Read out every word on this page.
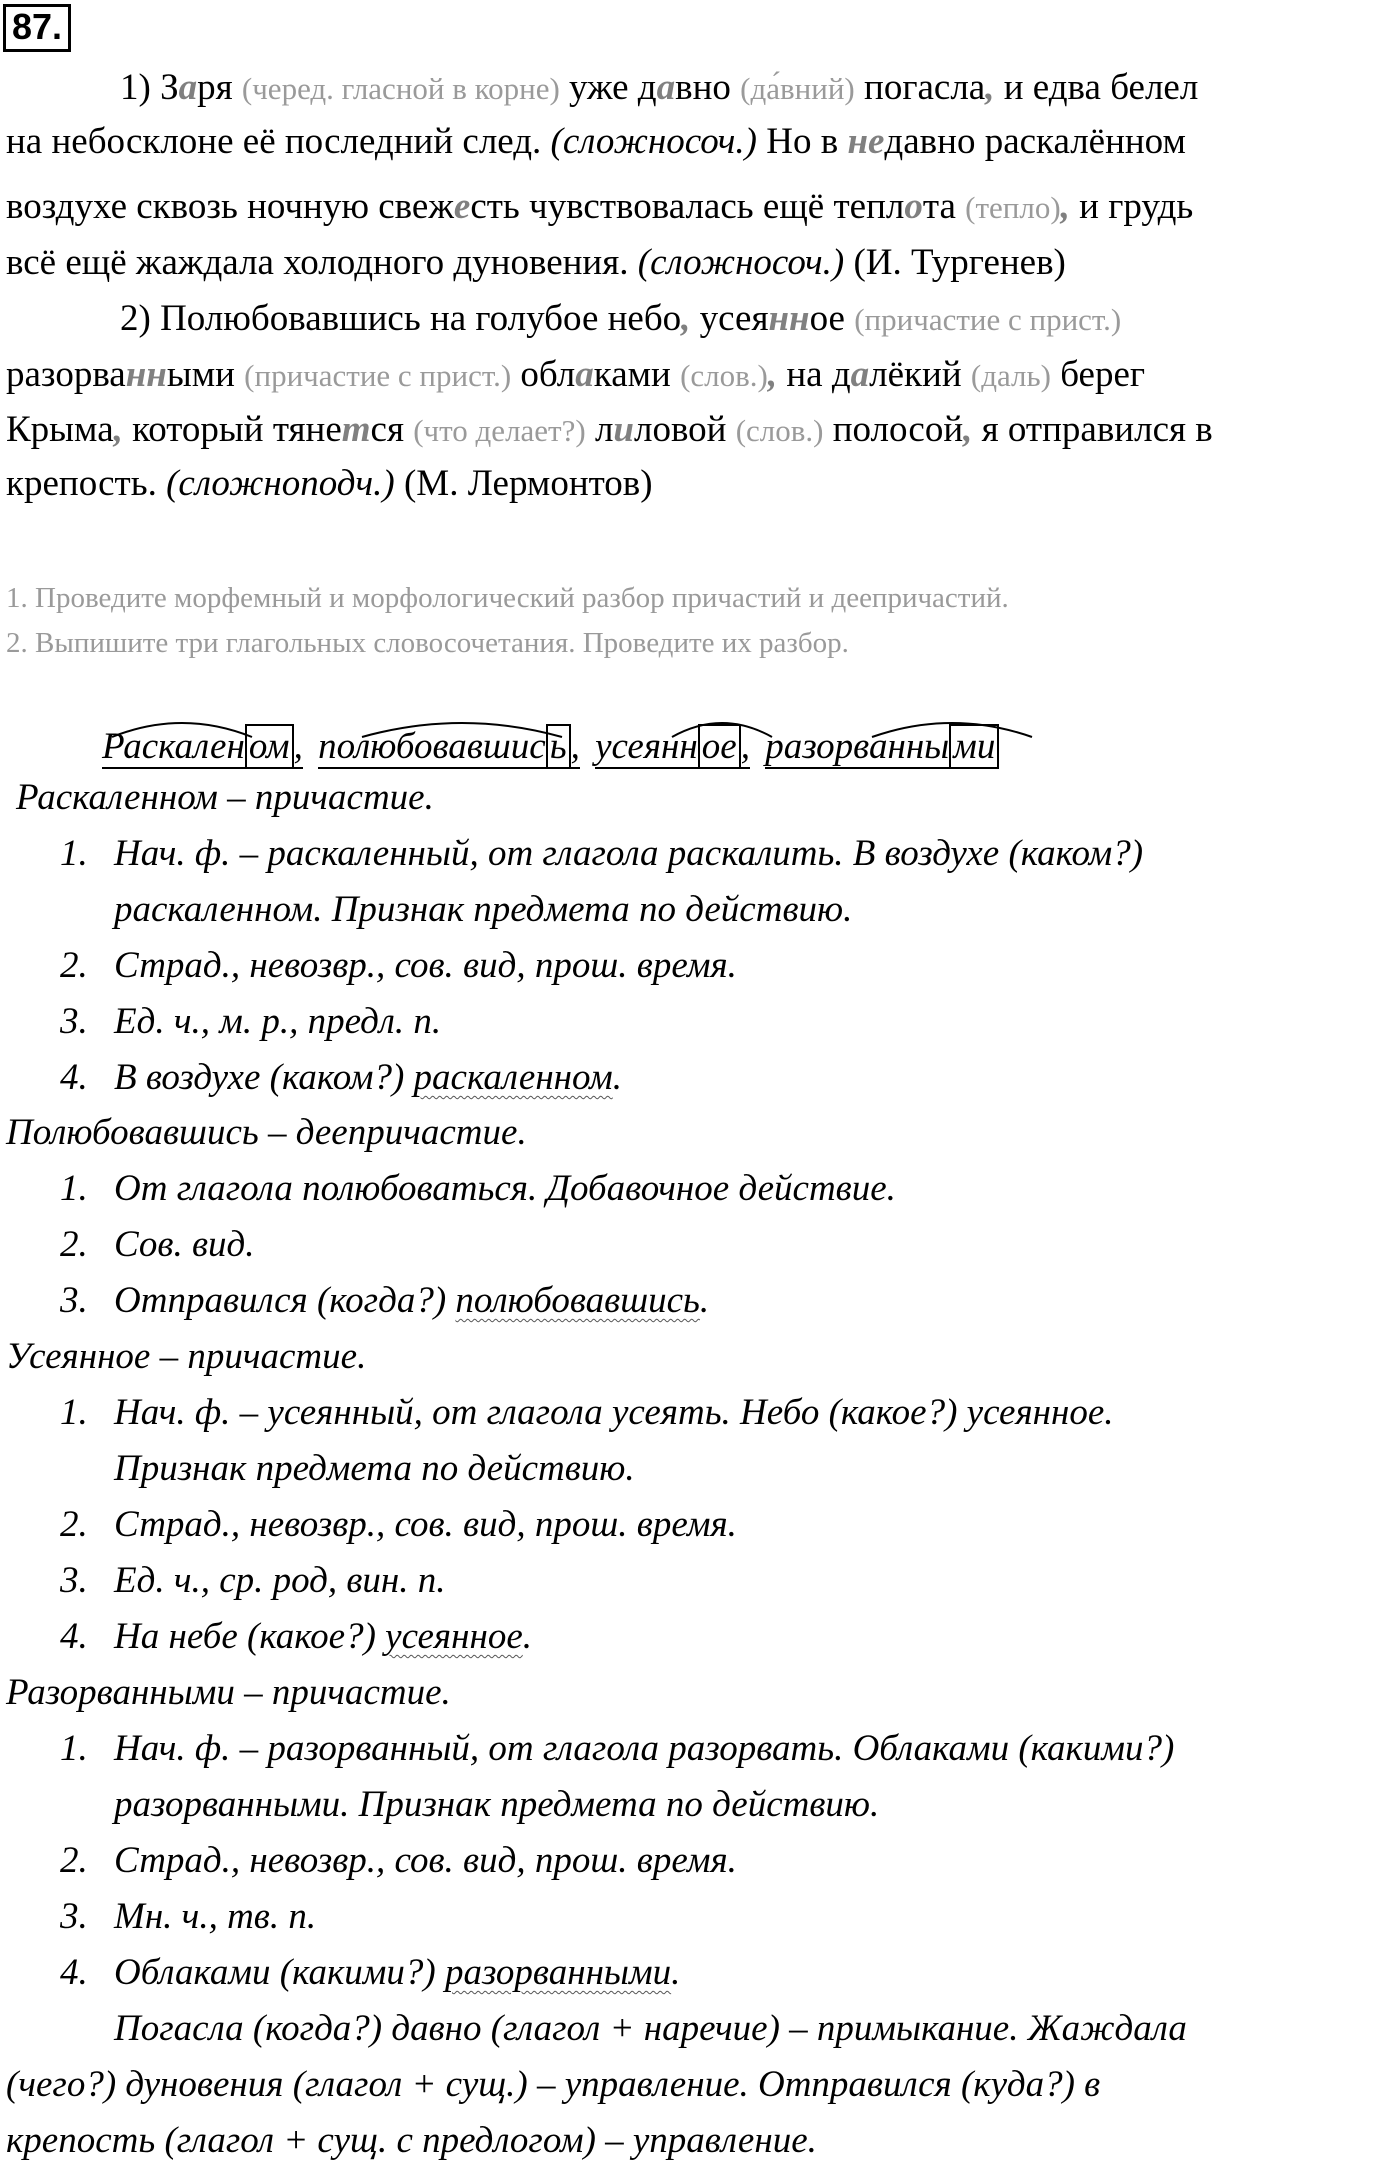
87.
1) Заря (черед. гласной в корне) уже давно (да́вний) погасла, и едва белел
на небосклоне её последний след. (сложносоч.) Но в недавно раскалённом
воздухе сквозь ночную свежесть чувствовалась ещё теплота (тепло), и грудь
всё ещё жаждала холодного дуновения. (сложносоч.) (И. Тургенев)
2) Полюбовавшись на голубое небо, усеянное (причастие с прист.)
разорванными (причастие с прист.) облаками (слов.), на далёкий (даль) берег
Крыма, который тянется (что делает?) лиловой (слов.) полосой, я отправился в
крепость. (сложноподч.) (М. Лермонтов)
1. Проведите морфемный и морфологический разбор причастий и деепричастий.
2. Выпишите три глагольных словосочетания. Проведите их разбор.
Раскален ом , полюбовавшис ь , усеянн ое , разорванны ми
Раскаленном – причастие.
1. Нач. ф. – раскаленный, от глагола раскалить. В воздухе (каком?)
раскаленном. Признак предмета по действию.
2. Страд., невозвр., сов. вид, прош. время.
3. Ед. ч., м. р., предл. п.
4. В воздухе (каком?) раскаленном.
Полюбовавшись – деепричастие.
1. От глагола полюбоваться. Добавочное действие.
2. Сов. вид.
3. Отправился (когда?) полюбовавшись.
Усеянное – причастие.
1. Нач. ф. – усеянный, от глагола усеять. Небо (какое?) усеянное.
Признак предмета по действию.
2. Страд., невозвр., сов. вид, прош. время.
3. Ед. ч., ср. род, вин. п.
4. На небе (какое?) усеянное.
Разорванными – причастие.
1. Нач. ф. – разорванный, от глагола разорвать. Облаками (какими?)
разорванными. Признак предмета по действию.
2. Страд., невозвр., сов. вид, прош. время.
3. Мн. ч., тв. п.
4. Облаками (какими?) разорванными.
Погасла (когда?) давно (глагол + наречие) – примыкание. Жаждала
(чего?) дуновения (глагол + сущ.) – управление. Отправился (куда?) в
крепость (глагол + сущ. с предлогом) – управление.
